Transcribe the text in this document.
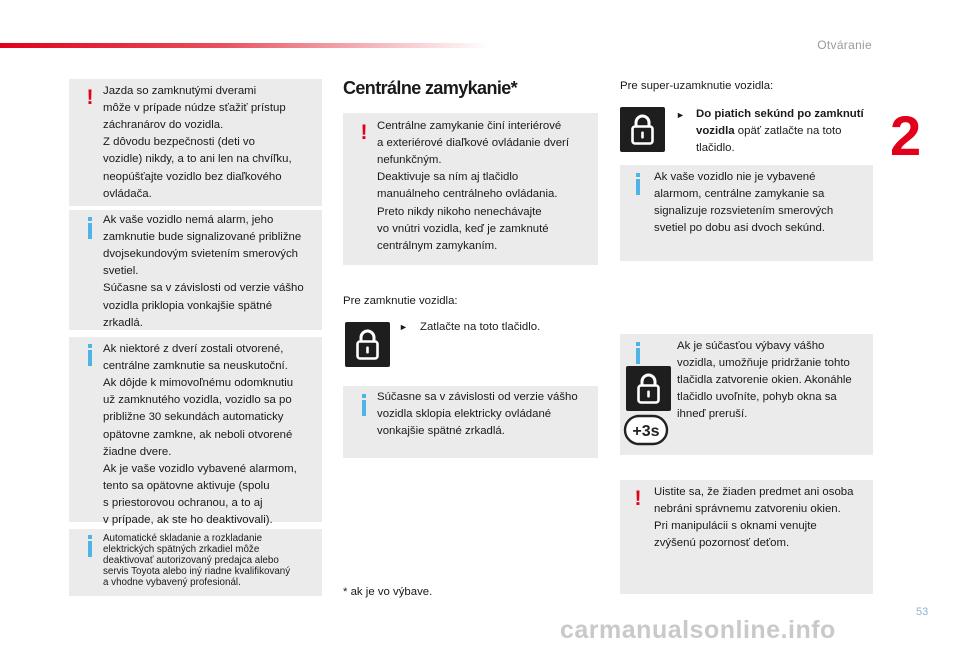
Otváranie
2
! Jazda so zamknutými dverami
môže v prípade núdze sťažiť prístup
záchranárov do vozidla.
Z dôvodu bezpečnosti (deti vo
vozidle) nikdy, a to ani len na chvíľku,
neopúšťajte vozidlo bez diaľkového
ovládača.
Ak vaše vozidlo nemá alarm, jeho
zamknutie bude signalizované približne
dvojsekundovým svietením smerových
svetiel.
Súčasne sa v závislosti od verzie vášho
vozidla priklopia vonkajšie spätné
zrkadlá.
Ak niektoré z dverí zostali otvorené,
centrálne zamknutie sa neuskutoční.
Ak dôjde k mimovoľnému odomknutiu
už zamknutého vozidla, vozidlo sa po
približne 30 sekundách automaticky
opätovne zamkne, ak neboli otvorené
žiadne dvere.
Ak je vaše vozidlo vybavené alarmom,
tento sa opätovne aktivuje (spolu
s priestorovou ochranou, a to aj
v prípade, ak ste ho deaktivovali).
Automatické skladanie a rozkladanie
elektrických spätných zrkadiel môže
deaktivovať autorizovaný predajca alebo
servis Toyota alebo iný riadne kvalifikovaný
a vhodne vybavený profesionál.
Centrálne zamykanie*
! Centrálne zamykanie činí interiérové
a exteriérové diaľkové ovládanie dverí
nefunkčným.
Deaktivuje sa ním aj tlačidlo
manuálneho centrálneho ovládania.
Preto nikdy nikoho nenechávajte
vo vnútri vozidla, keď je zamknuté
centrálnym zamykaním.
Pre zamknutie vozidla:
► Zatlačte na toto tlačidlo.
Súčasne sa v závislosti od verzie vášho
vozidla sklopia elektricky ovládané
vonkajšie spätné zrkadlá.
* ak je vo výbave.
Pre super-uzamknutie vozidla:
► Do piatich sekúnd po zamknutí
vozidla opäť zatlačte na toto
tlačidlo.
Ak vaše vozidlo nie je vybavené
alarmom, centrálne zamykanie sa
signalizuje rozsvietením smerových
svetiel po dobu asi dvoch sekúnd.
Ak je súčasťou výbavy vášho
vozidla, umožňuje pridržanie tohto
tlačidla zatvorenie okien. Akonáhle
tlačidlo uvoľníte, pohyb okna sa
ihneď preruší.
+3s
! Uistite sa, že žiaden predmet ani osoba
nebráni správnemu zatvoreniu okien.
Pri manipulácii s oknami venujte
zvýšenú pozornosť deťom.
53
carmanualsonline.info
